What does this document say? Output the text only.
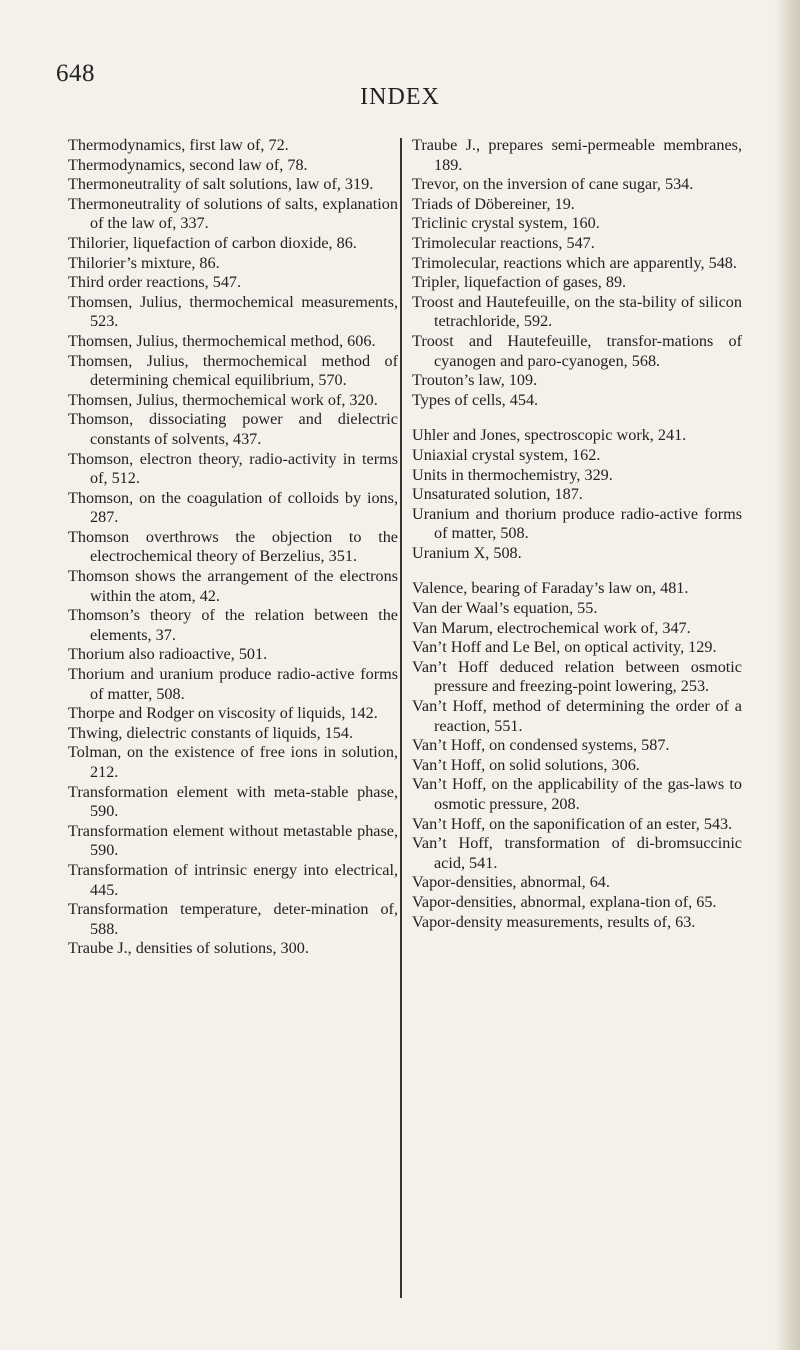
648
INDEX

Thermodynamics, first law of, 72.

Thermodynamics, second law of, 78.

Thermoneutrality of salt solutions, law of, 319.

Thermoneutrality of solutions of salts, explanation of the law of, 337.

Thilorier, liquefaction of carbon dioxide, 86.

Thilorier’s mixture, 86.

Third order reactions, 547.

Thomsen, Julius, thermochemical measurements, 523.

Thomsen, Julius, thermochemical method, 606.

Thomsen, Julius, thermochemical method of determining chemical equilibrium, 570.

Thomsen, Julius, thermochemical work of, 320.

Thomson, dissociating power and dielectric constants of solvents, 437.

Thomson, electron theory, radio-activity in terms of, 512.

Thomson, on the coagulation of colloids by ions, 287.

Thomson overthrows the objection to the electrochemical theory of Berzelius, 351.

Thomson shows the arrangement of the electrons within the atom, 42.

Thomson’s theory of the relation between the elements, 37.

Thorium also radioactive, 501.

Thorium and uranium produce radio-active forms of matter, 508.

Thorpe and Rodger on viscosity of liquids, 142.

Thwing, dielectric constants of liquids, 154.

Tolman, on the existence of free ions in solution, 212.

Transformation element with meta-stable phase, 590.

Transformation element without metastable phase, 590.

Transformation of intrinsic energy into electrical, 445.

Transformation temperature, deter-mination of, 588.

Traube J., densities of solutions, 300.

Traube J., prepares semi-permeable membranes, 189.

Trevor, on the inversion of cane sugar, 534.

Triads of Döbereiner, 19.

Triclinic crystal system, 160.

Trimolecular reactions, 547.

Trimolecular, reactions which are apparently, 548.

Tripler, liquefaction of gases, 89.

Troost and Hautefeuille, on the sta-bility of silicon tetrachloride, 592.

Troost and Hautefeuille, transfor-mations of cyanogen and paro-cyanogen, 568.

Trouton’s law, 109.

Types of cells, 454.

Uhler and Jones, spectroscopic work, 241.

Uniaxial crystal system, 162.

Units in thermochemistry, 329.

Unsaturated solution, 187.

Uranium and thorium produce radio-active forms of matter, 508.

Uranium X, 508.

Valence, bearing of Faraday’s law on, 481.

Van der Waal’s equation, 55.

Van Marum, electrochemical work of, 347.

Van’t Hoff and Le Bel, on optical activity, 129.

Van’t Hoff deduced relation between osmotic pressure and freezing-point lowering, 253.

Van’t Hoff, method of determining the order of a reaction, 551.

Van’t Hoff, on condensed systems, 587.

Van’t Hoff, on solid solutions, 306.

Van’t Hoff, on the applicability of the gas-laws to osmotic pressure, 208.

Van’t Hoff, on the saponification of an ester, 543.

Van’t Hoff, transformation of di-bromsuccinic acid, 541.

Vapor-densities, abnormal, 64.

Vapor-densities, abnormal, explana-tion of, 65.

Vapor-density measurements, results of, 63.
